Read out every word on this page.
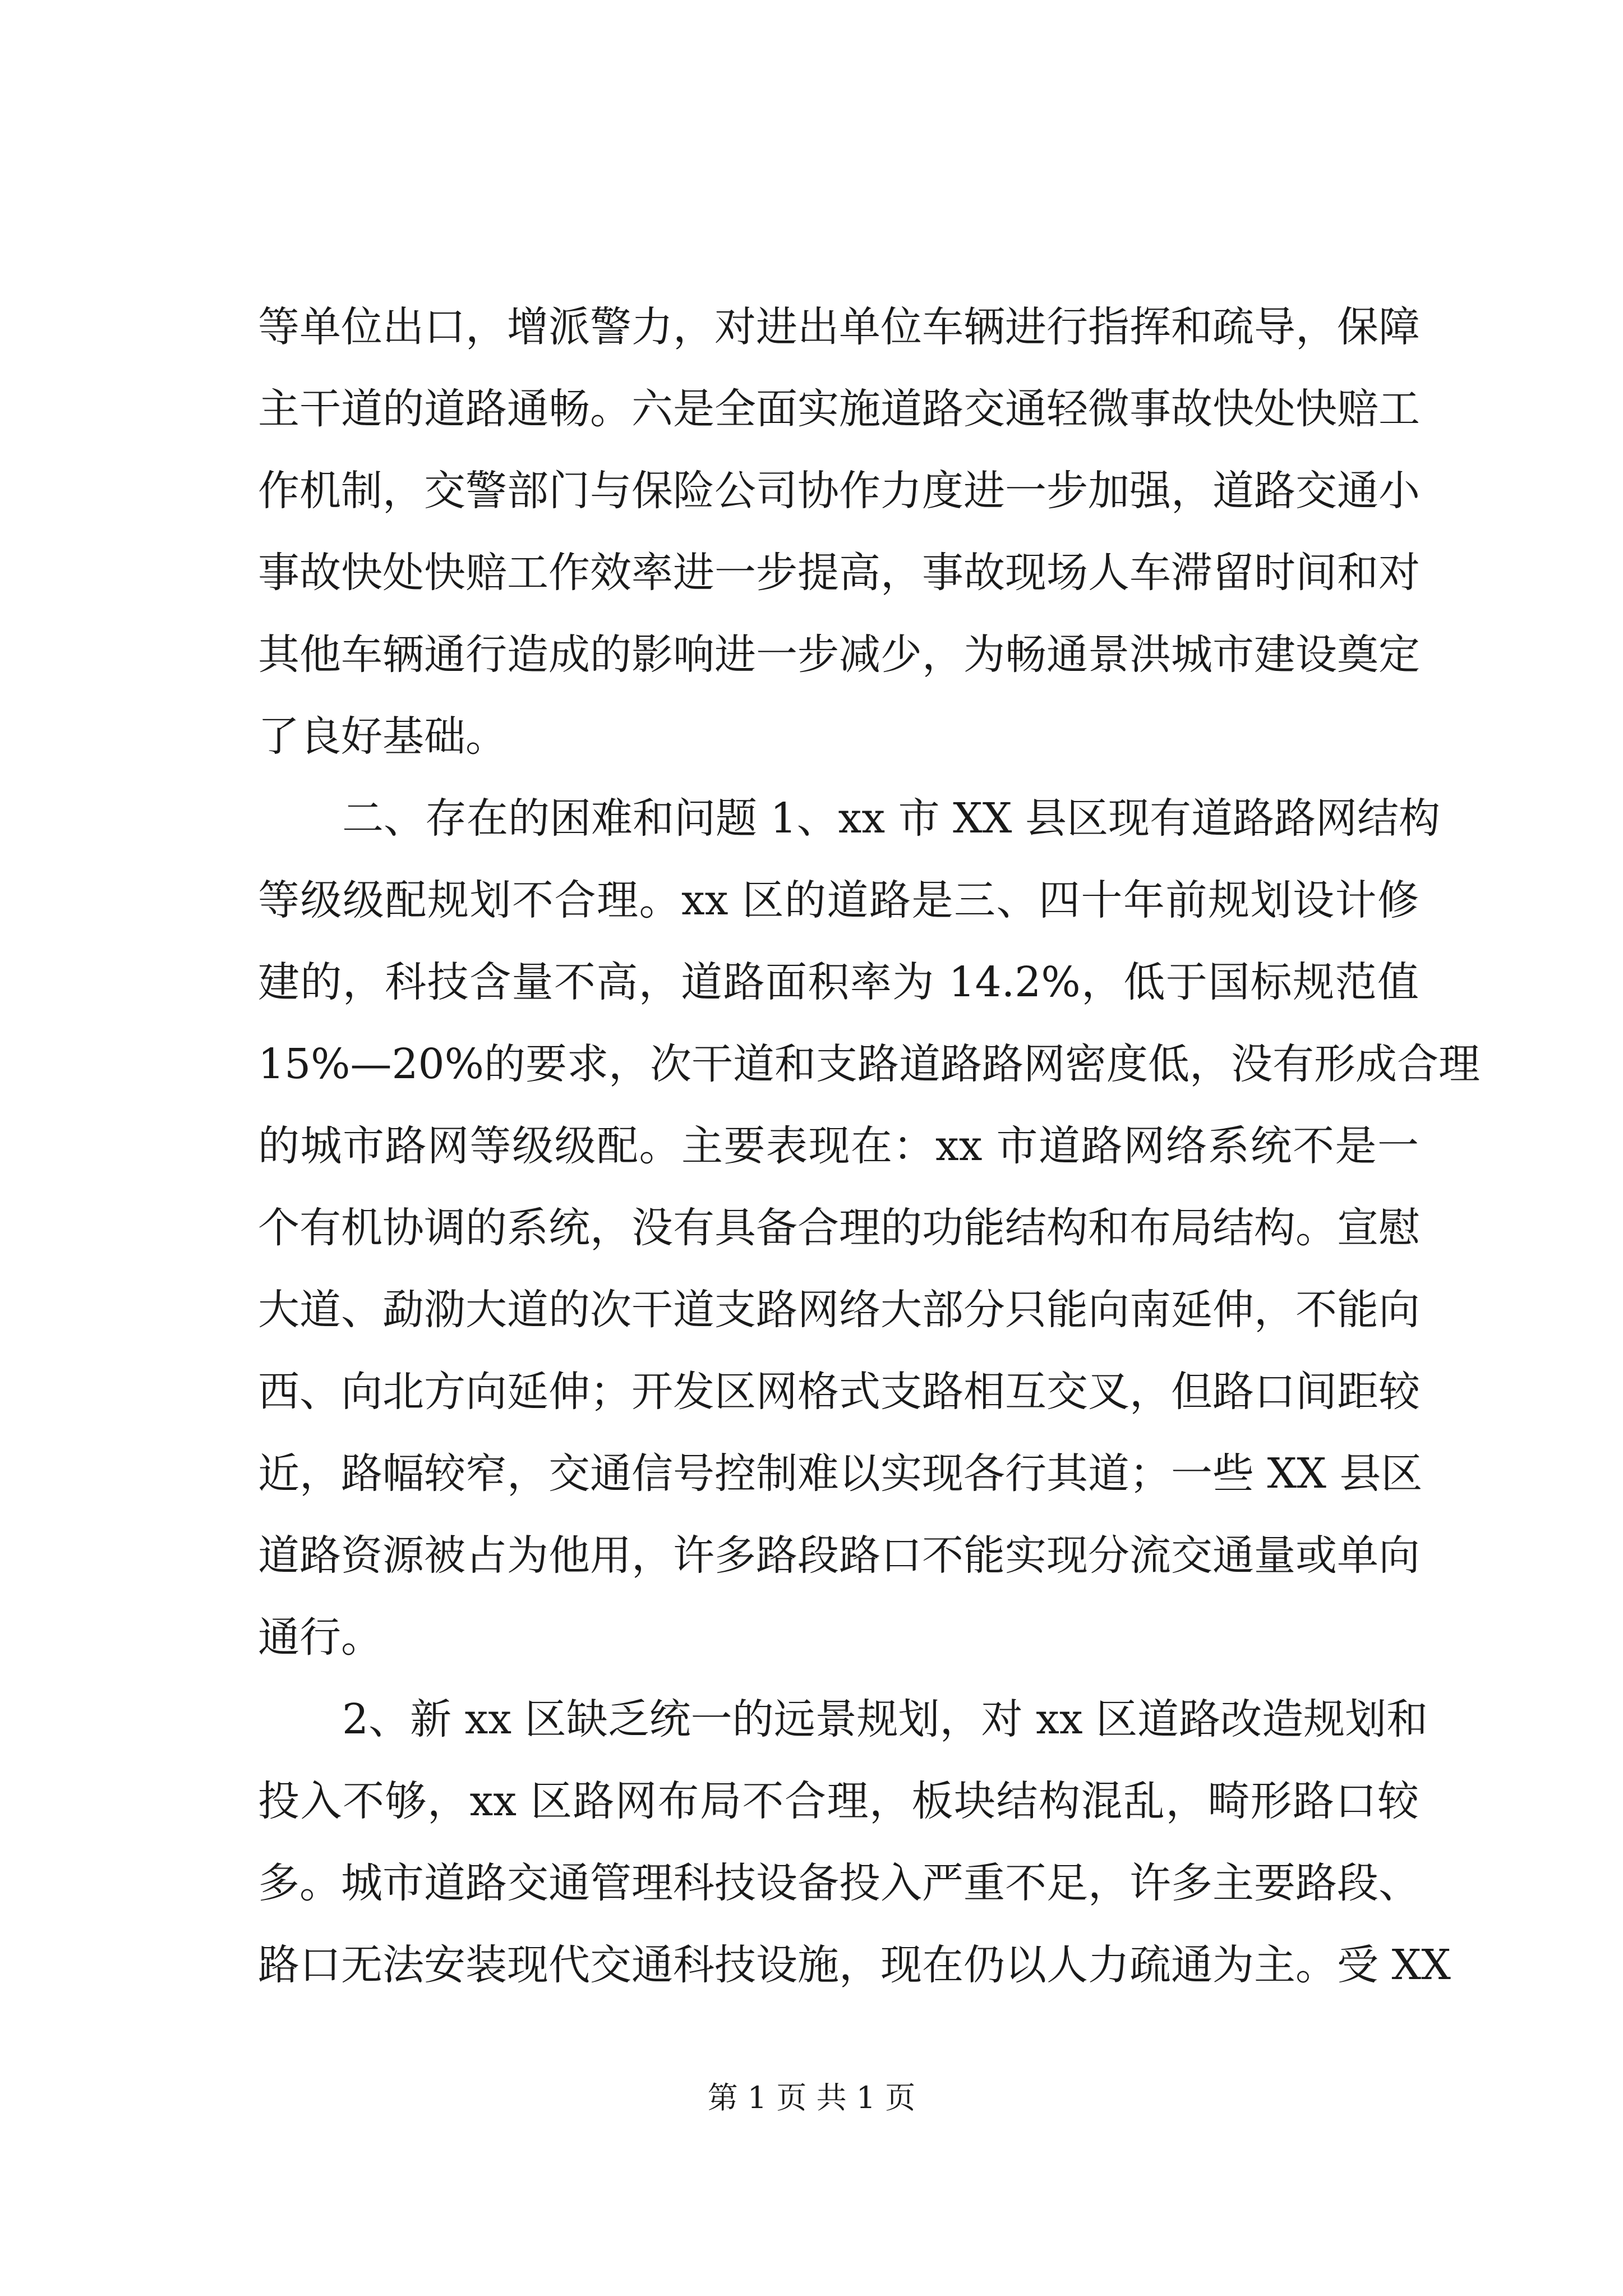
等单位出口，增派警力，对进出单位车辆进行指挥和疏导，保障
主干道的道路通畅。六是全面实施道路交通轻微事故快处快赔工
作机制，交警部门与保险公司协作力度进一步加强，道路交通小
事故快处快赔工作效率进一步提高，事故现场人车滞留时间和对
其他车辆通行造成的影响进一步减少，为畅通景洪城市建设奠定
了良好基础。
二、存在的困难和问题 1、xx 市 XX 县区现有道路路网结构
等级级配规划不合理。xx 区的道路是三、四十年前规划设计修
建的，科技含量不高，道路面积率为 14.2%，低于国标规范值
15%—20%的要求，次干道和支路道路路网密度低，没有形成合理
的城市路网等级级配。主要表现在：xx 市道路网络系统不是一
个有机协调的系统，没有具备合理的功能结构和布局结构。宣慰
大道、勐泐大道的次干道支路网络大部分只能向南延伸，不能向
西、向北方向延伸；开发区网格式支路相互交叉，但路口间距较
近，路幅较窄，交通信号控制难以实现各行其道；一些 XX 县区
道路资源被占为他用，许多路段路口不能实现分流交通量或单向
通行。
2、新 xx 区缺乏统一的远景规划，对 xx 区道路改造规划和
投入不够，xx 区路网布局不合理，板块结构混乱，畸形路口较
多。城市道路交通管理科技设备投入严重不足，许多主要路段、
路口无法安装现代交通科技设施，现在仍以人力疏通为主。受 XX
第 1 页 共 1 页
